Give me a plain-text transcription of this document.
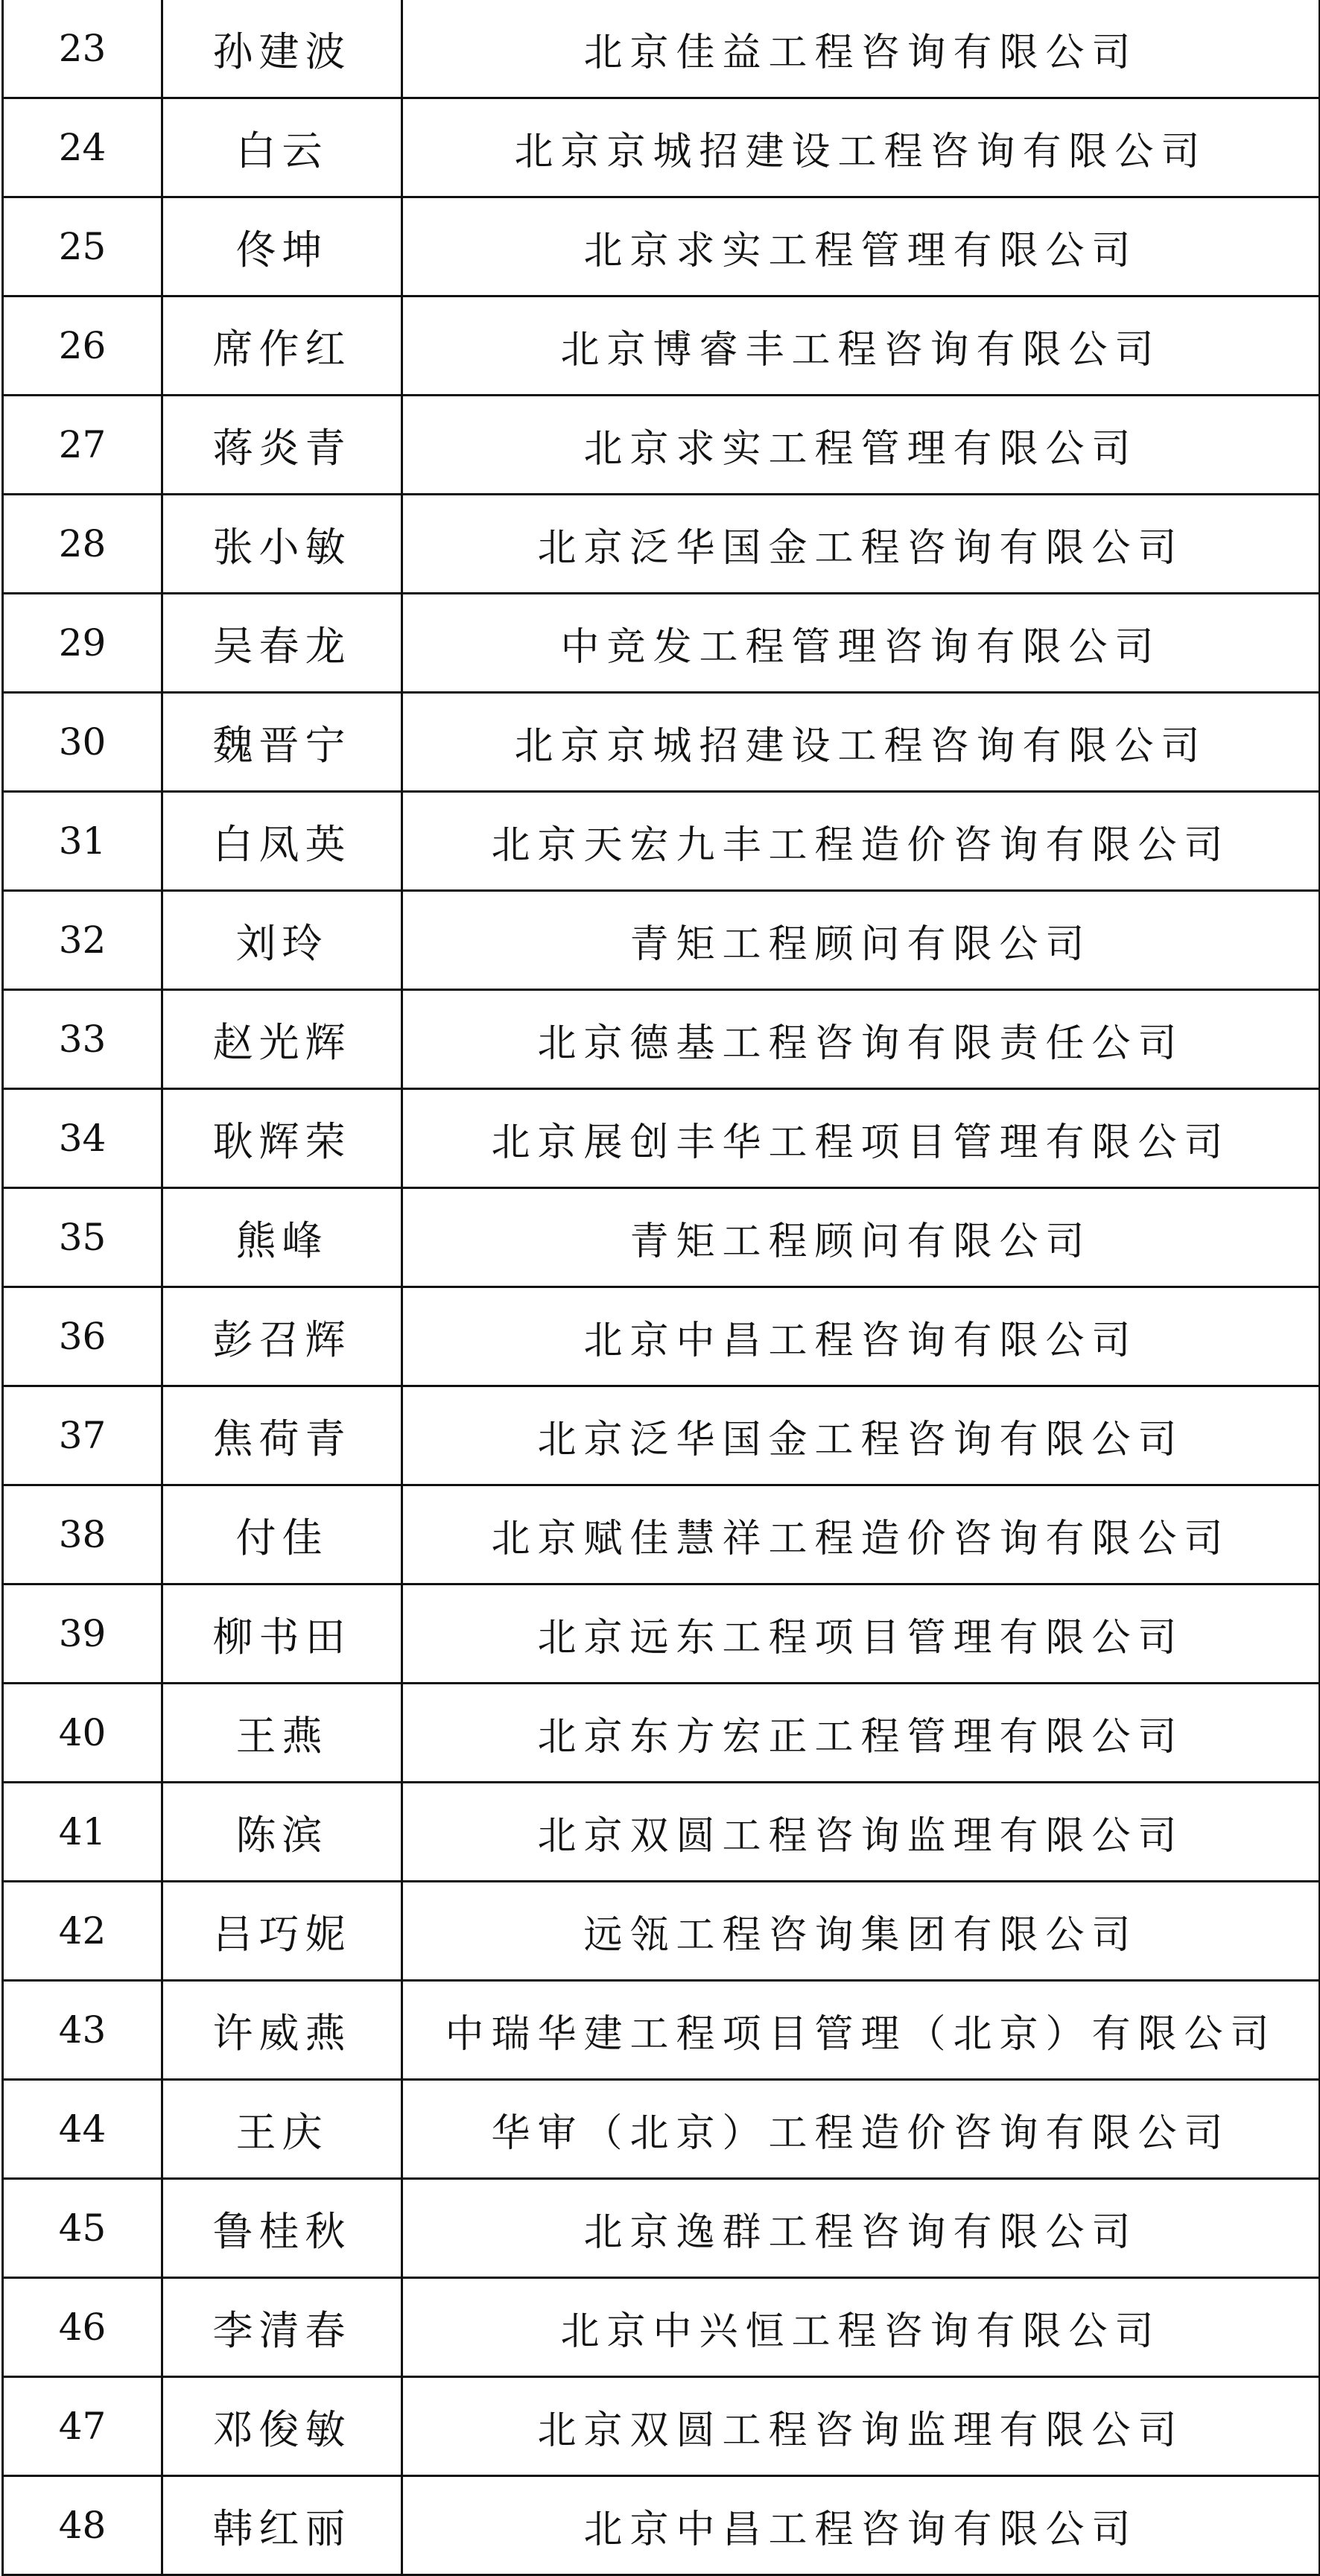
23	孙建波	北京佳益工程咨询有限公司
24	白云	北京京城招建设工程咨询有限公司
25	佟坤	北京求实工程管理有限公司
26	席作红	北京博睿丰工程咨询有限公司
27	蒋炎青	北京求实工程管理有限公司
28	张小敏	北京泛华国金工程咨询有限公司
29	吴春龙	中竞发工程管理咨询有限公司
30	魏晋宁	北京京城招建设工程咨询有限公司
31	白凤英	北京天宏九丰工程造价咨询有限公司
32	刘玲	青矩工程顾问有限公司
33	赵光辉	北京德基工程咨询有限责任公司
34	耿辉荣	北京展创丰华工程项目管理有限公司
35	熊峰	青矩工程顾问有限公司
36	彭召辉	北京中昌工程咨询有限公司
37	焦荷青	北京泛华国金工程咨询有限公司
38	付佳	北京赋佳慧祥工程造价咨询有限公司
39	柳书田	北京远东工程项目管理有限公司
40	王燕	北京东方宏正工程管理有限公司
41	陈滨	北京双圆工程咨询监理有限公司
42	吕巧妮	远瓴工程咨询集团有限公司
43	许威燕	中瑞华建工程项目管理（北京）有限公司
44	王庆	华审（北京）工程造价咨询有限公司
45	鲁桂秋	北京逸群工程咨询有限公司
46	李清春	北京中兴恒工程咨询有限公司
47	邓俊敏	北京双圆工程咨询监理有限公司
48	韩红丽	北京中昌工程咨询有限公司
